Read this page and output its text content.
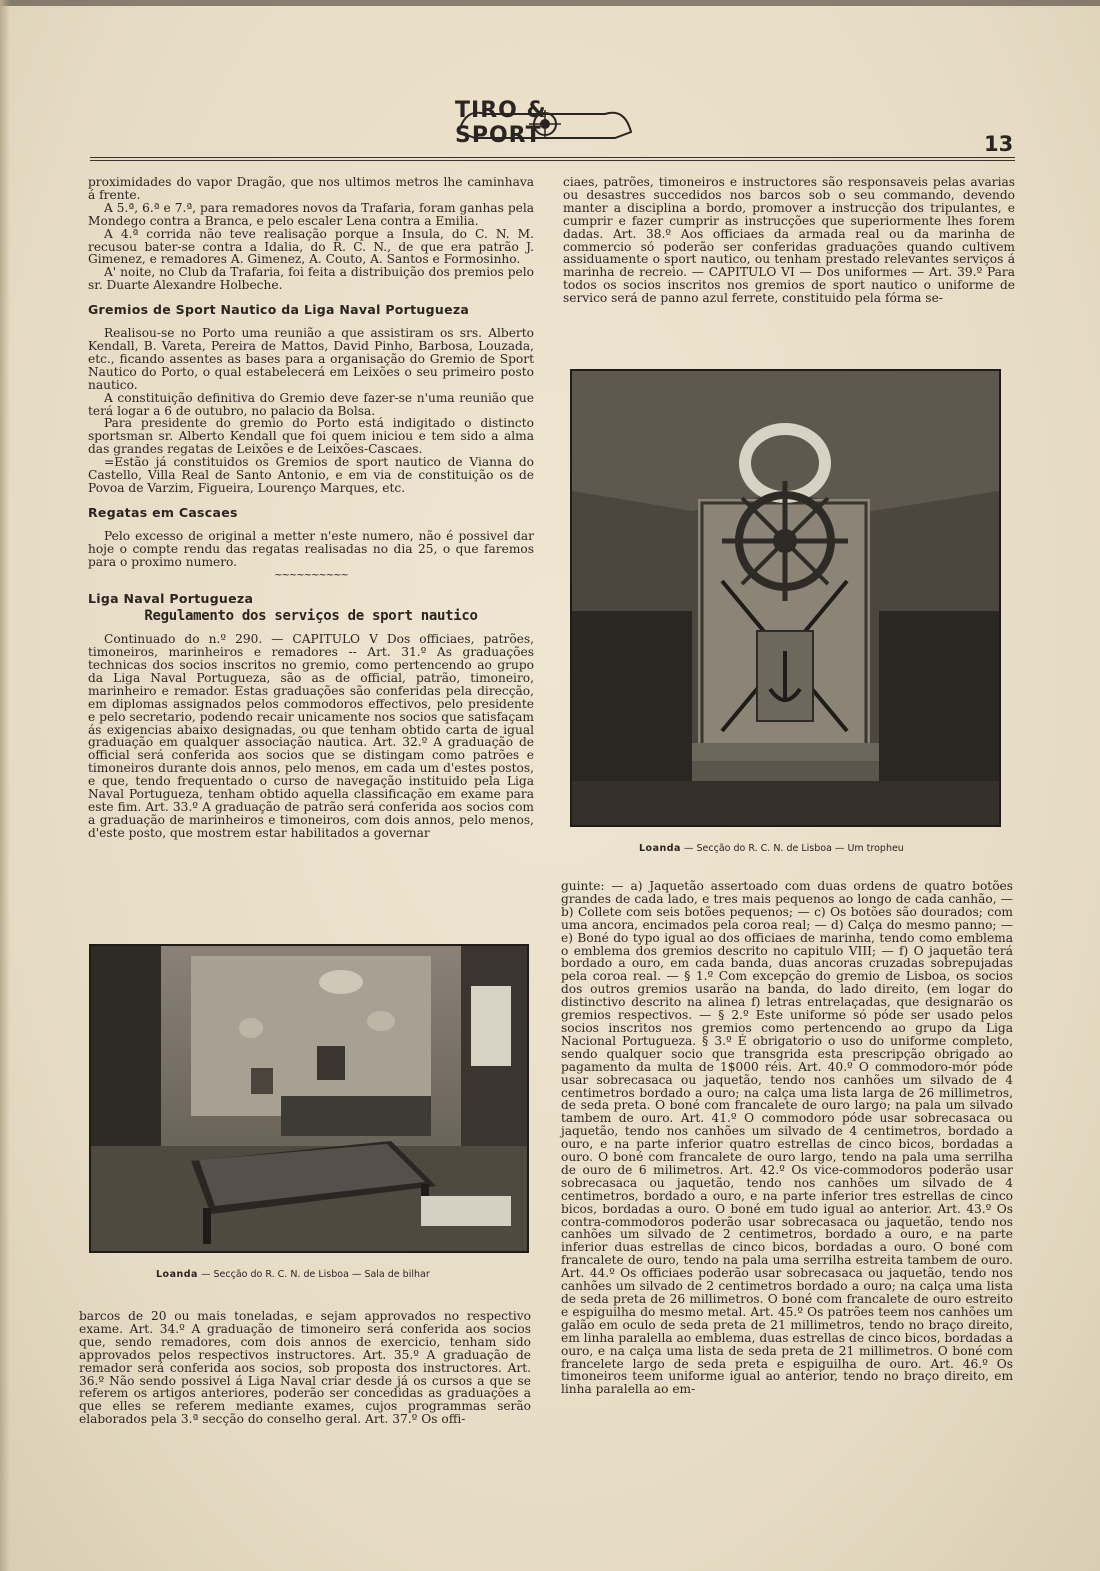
TIRO & SPORT	13

proximidades do vapor Dragão, que nos ultimos metros lhe caminhava á frente.

A 5.ª, 6.ª e 7.ª, para remadores novos da Trafaria, foram ganhas pela Mondego contra a Branca, e pelo escaler Lena contra a Emilia.

A 4.ª corrida não teve realisação porque a Insula, do C. N. M. recusou bater-se contra a Idalia, do R. C. N., de que era patrão J. Gimenez, e remadores A. Gimenez, A. Couto, A. Santos e Formosinho.

A' noite, no Club da Trafaria, foi feita a distribuição dos premios pelo sr. Duarte Alexandre Holbeche.

Gremios de Sport Nautico da Liga Naval Portugueza

Realisou-se no Porto uma reunião a que assistiram os srs. Alberto Kendall, B. Vareta, Pereira de Mattos, David Pinho, Barbosa, Louzada, etc., ficando assentes as bases para a organisação do Gremio de Sport Nautico do Porto, o qual estabelecerá em Leixões o seu primeiro posto nautico.

A constituição definitiva do Gremio deve fazer-se n'uma reunião que terá logar a 6 de outubro, no palacio da Bolsa.

Para presidente do gremio do Porto está indigitado o distincto sportsman sr. Alberto Kendall que foi quem iniciou e tem sido a alma das grandes regatas de Leixões e de Leixões-Cascaes.

=Estão já constituidos os Gremios de sport nautico de Vianna do Castello, Villa Real de Santo Antonio, e em via de constituição os de Povoa de Varzim, Figueira, Lourenço Marques, etc.

Regatas em Cascaes

Pelo excesso de original a metter n'este numero, não é possivel dar hoje o compte rendu das regatas realisadas no dia 25, o que faremos para o proximo numero.

~~~~~~~~~~
Liga Naval Portugueza
Regulamento dos serviços de sport nautico

Continuado do n.º 290. — CAPITULO V Dos officiaes, patrões, timoneiros, marinheiros e remadores -- Art. 31.º As graduações technicas dos socios inscritos no gremio, como pertencendo ao grupo da Liga Naval Portugueza, são as de official, patrão, timoneiro, marinheiro e remador. Estas graduações são conferidas pela direcção, em diplomas assignados pelos commodoros effectivos, pelo presidente e pelo secretario, podendo recair unicamente nos socios que satisfaçam ás exigencias abaixo designadas, ou que tenham obtido carta de igual graduação em qualquer associação nautica. Art. 32.º A graduação de official será conferida aos socios que se distingam como patrões e timoneiros durante dois annos, pelo menos, em cada um d'estes postos, e que, tendo frequentado o curso de navegação instituido pela Liga Naval Portugueza, tenham obtido aquella classificação em exame para este fim. Art. 33.º A graduação de patrão será conferida aos socios com a graduação de marinheiros e timoneiros, com dois annos, pelo menos, d'este posto, que mostrem estar habilitados a governar

Loanda — Secção do R. C. N. de Lisboa — Sala de bilhar

barcos de 20 ou mais toneladas, e sejam approvados no respectivo exame. Art. 34.º A graduação de timoneiro será conferida aos socios que, sendo remadores, com dois annos de exercicio, tenham sido approvados pelos respectivos instructores. Art. 35.º A graduação de remador será conferida aos socios, sob proposta dos instructores. Art. 36.º Não sendo possivel á Liga Naval criar desde já os cursos a que se referem os artigos anteriores, poderão ser concedidas as graduações a que elles se referem mediante exames, cujos programmas serão elaborados pela 3.ª secção do conselho geral. Art. 37.º Os offi-

ciaes, patrões, timoneiros e instructores são responsaveis pelas avarias ou desastres succedidos nos barcos sob o seu commando, devendo manter a disciplina a bordo, promover a instrucção dos tripulantes, e cumprir e fazer cumprir as instrucções que superiormente lhes forem dadas. Art. 38.º Aos officiaes da armada real ou da marinha de commercio só poderão ser conferidas graduações quando cultivem assiduamente o sport nautico, ou tenham prestado relevantes serviços á marinha de recreio. — CAPITULO VI — Dos uniformes — Art. 39.º Para todos os socios inscritos nos gremios de sport nautico o uniforme de servico será de panno azul ferrete, constituido pela fórma se-

Loanda — Secção do R. C. N. de Lisboa — Um tropheu

guinte: — a) Jaquetão assertoado com duas ordens de quatro botões grandes de cada lado, e tres mais pequenos ao longo de cada canhão, — b) Collete com seis botões pequenos; — c) Os botões são dourados; com uma ancora, encimados pela coroa real; — d) Calça do mesmo panno; — e) Boné do typo igual ao dos officiaes de marinha, tendo como emblema o emblema dos gremios descrito no capitulo VIII; — f) O jaquetão terá bordado a ouro, em cada banda, duas ancoras cruzadas sobrepujadas pela coroa real. — § 1.º Com excepção do gremio de Lisboa, os socios dos outros gremios usarão na banda, do lado direito, (em logar do distinctivo descrito na alinea f) letras entrelaçadas, que designarão os gremios respectivos. — § 2.º Este uniforme só póde ser usado pelos socios inscritos nos gremios como pertencendo ao grupo da Liga Nacional Portugueza. § 3.º É obrigatorio o uso do uniforme completo, sendo qualquer socio que transgrida esta prescripção obrigado ao pagamento da multa de 1$000 réis. Art. 40.º O commodoro-mór póde usar sobrecasaca ou jaquetão, tendo nos canhões um silvado de 4 centimetros bordado a ouro; na calça uma lista larga de 26 millimetros, de seda preta. O boné com francalete de ouro largo; na pala um silvado tambem de ouro. Art. 41.º O commodoro póde usar sobrecasaca ou jaquetão, tendo nos canhões um silvado de 4 centimetros, bordado a ouro, e na parte inferior quatro estrellas de cinco bicos, bordadas a ouro. O boné com francalete de ouro largo, tendo na pala uma serrilha de ouro de 6 milimetros. Art. 42.º Os vice-commodoros poderão usar sobrecasaca ou jaquetão, tendo nos canhões um silvado de 4 centimetros, bordado a ouro, e na parte inferior tres estrellas de cinco bicos, bordadas a ouro. O boné em tudo igual ao anterior. Art. 43.º Os contra-commodoros poderão usar sobrecasaca ou jaquetão, tendo nos canhões um silvado de 2 centimetros, bordado a ouro, e na parte inferior duas estrellas de cinco bicos, bordadas a ouro. O boné com francalete de ouro, tendo na pala uma serrilha estreita tambem de ouro. Art. 44.º Os officiaes poderão usar sobrecasaca ou jaquetão, tendo nos canhões um silvado de 2 centimetros bordado a ouro; na calça uma lista de seda preta de 26 millimetros. O boné com francalete de ouro estreito e espiguilha do mesmo metal. Art. 45.º Os patrões teem nos canhões um galão em oculo de seda preta de 21 millimetros, tendo no braço direito, em linha paralella ao emblema, duas estrellas de cinco bicos, bordadas a ouro, e na calça uma lista de seda preta de 21 millimetros. O boné com francelete largo de seda preta e espiguilha de ouro. Art. 46.º Os timoneiros teem uniforme igual ao anterior, tendo no braço direito, em linha paralella ao em-
